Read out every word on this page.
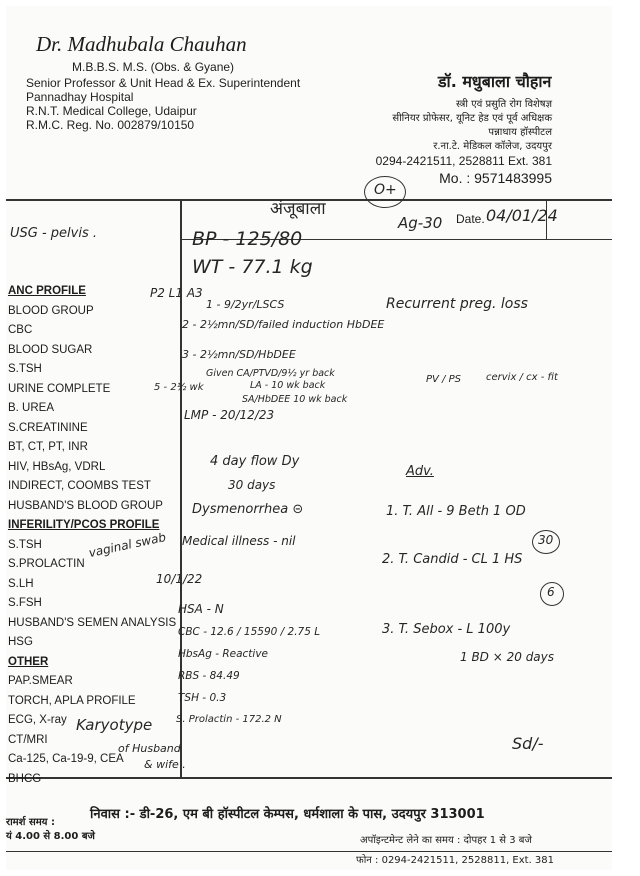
Dr. Madhubala Chauhan
M.B.B.S. M.S. (Obs. & Gyane)
Senior Professor & Unit Head & Ex. Superintendent
Pannadhay Hospital
R.N.T. Medical College, Udaipur
R.M.C. Reg. No. 002879/10150
डॉ. मधुबाला चौहान
स्त्री एवं प्रसुति रोग विशेषज्ञ
सीनियर प्रोफेसर, यूनिट हेड एवं पूर्व अधिक्षक
पन्नाधाय हॉस्पीटल
र.ना.टे. मेडिकल कॉलेज, उदयपुर
0294-2421511, 2528811 Ext. 381
Mo. : 9571483995
अंजूबाला
O+
Ag-30 Date. 04/01/24
USG - pelvis .
ANC PROFILE
BLOOD GROUP
CBC
BLOOD SUGAR
S.TSH
URINE COMPLETE
B. UREA
S.CREATININE
BT, CT, PT, INR
HIV, HBsAg, VDRL
INDIRECT, COOMBS TEST
HUSBAND'S BLOOD GROUP
INFERILITY/PCOS PROFILE
S.TSH
S.PROLACTIN
S.LH
S.FSH
HUSBAND'S SEMEN ANALYSIS
HSG
OTHER
PAP.SMEAR
TORCH, APLA PROFILE
ECG, X-ray
CT/MRI
Ca-125, Ca-19-9, CEA
BHCG
BP - 125/80
WT - 77.1 kg
P2 L1 A3
1 - 9/2yr/LSCS	Recurrent preg. loss
2 - 2½mn/SD/failed induction HbDEE
3 - 2½mn/SD/HbDEE
Given CA/PTVD/9½ yr back
5 - 2½ wk	LA - 10 wk back
SA/HbDEE 10 wk back
PV / PS	cervix / cx - fit
LMP - 20/12/23
4 day flow Dy
30 days
Dysmenorrhea ⊝
Medical illness - nil
10/1/22
HSA - N
CBC - 12.6 / 15590 / 2.75 L
HbsAg - Reactive
RBS - 84.49
TSH - 0.3
S. Prolactin - 172.2 N
vaginal swab
Karyotype
of Husband
& wife .
Adv.
1. T. All - 9 Beth 1 OD
30
2. T. Candid - CL 1 HS
6
3. T. Sebox - L 100y
1 BD × 20 days
Sd/-
निवास :- डी-26, एम बी हॉस्पीटल केम्पस, धर्मशाला के पास, उदयपुर 313001
रामर्श समय :
यं 4.00 से 8.00 बजे	अपॉइन्टमेन्ट लेने का समय : दोपहर 1 से 3 बजे
फोन : 0294-2421511, 2528811, Ext. 381
